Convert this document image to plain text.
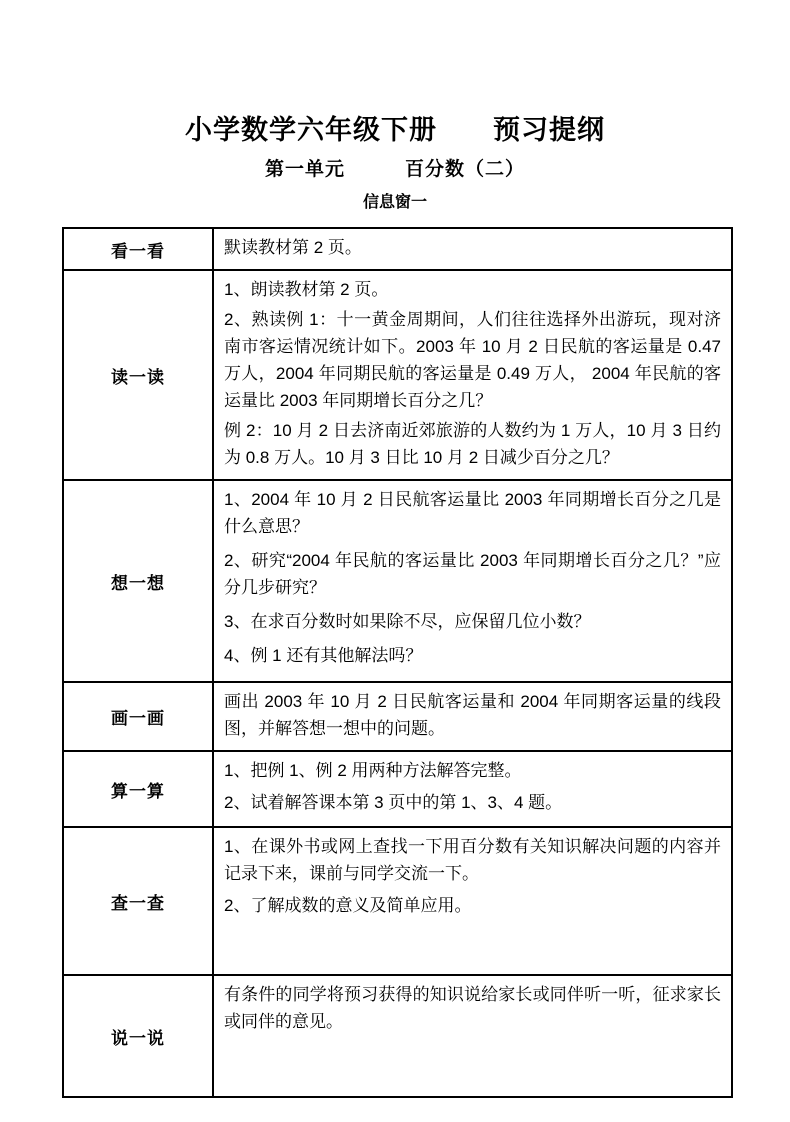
小学数学六年级下册　　预习提纲
第一单元　　　百分数（二）
信息窗一
看一看	默读教材第 2 页。

读一读	1、朗读教材第 2 页。

2、熟读例 1：十一黄金周期间，人们往往选择外出游玩，现对济南市客运情况统计如下。2003 年 10 月 2 日民航的客运量是 0.47 万人，2004 年同期民航的客运量是 0.49 万人， 2004 年民航的客运量比 2003 年同期增长百分之几？

例 2：10 月 2 日去济南近郊旅游的人数约为 1 万人，10 月 3 日约为 0.8 万人。10 月 3 日比 10 月 2 日减少百分之几？

想一想	1、2004 年 10 月 2 日民航客运量比 2003 年同期增长百分之几是什么意思？

2、研究“2004 年民航的客运量比 2003 年同期增长百分之几？”应分几步研究？

3、在求百分数时如果除不尽，应保留几位小数？

4、例 1 还有其他解法吗？

画一画	画出 2003 年 10 月 2 日民航客运量和 2004 年同期客运量的线段图，并解答想一想中的问题。

算一算	1、把例 1、例 2 用两种方法解答完整。

2、试着解答课本第 3 页中的第 1、3、4 题。

查一查	1、在课外书或网上查找一下用百分数有关知识解决问题的内容并记录下来，课前与同学交流一下。

2、了解成数的意义及简单应用。

说一说	有条件的同学将预习获得的知识说给家长或同伴听一听，征求家长或同伴的意见。
